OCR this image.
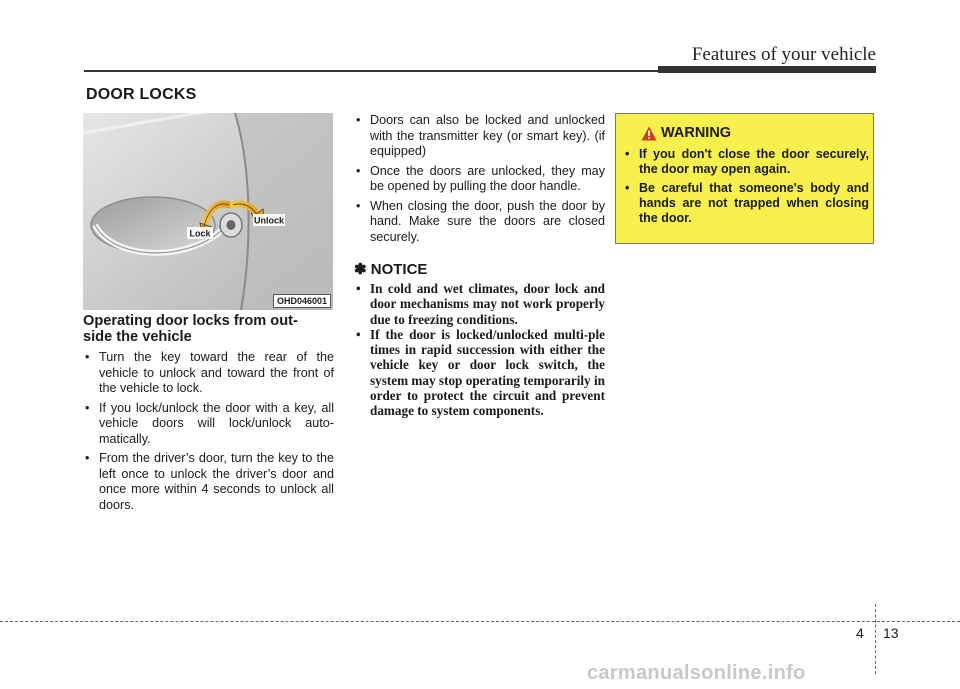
Features of your vehicle
DOOR LOCKS
Lock
Unlock
OHD046001
Operating door locks from out-
side the vehicle
• Turn the key toward the rear of the vehicle to unlock and toward the front of the vehicle to lock.
• If you lock/unlock the door with a key, all vehicle doors will lock/unlock auto-matically.
• From the driver’s door, turn the key to the left once to unlock the driver’s door and once more within 4 seconds to unlock all doors.
• Doors can also be locked and unlocked with the transmitter key (or smart key). (if equipped)
• Once the doors are unlocked, they may be opened by pulling the door handle.
• When closing the door, push the door by hand. Make sure the doors are closed securely.
✽ NOTICE
• In cold and wet climates, door lock and door mechanisms may not work properly due to freezing conditions.
• If the door is locked/unlocked multi-ple times in rapid succession with either the vehicle key or door lock switch, the system may stop operating temporarily in order to protect the circuit and prevent damage to system components.
WARNING
• If you don't close the door securely, the door may open again.
• Be careful that someone's body and hands are not trapped when closing the door.
4 13
carmanualsonline.info
